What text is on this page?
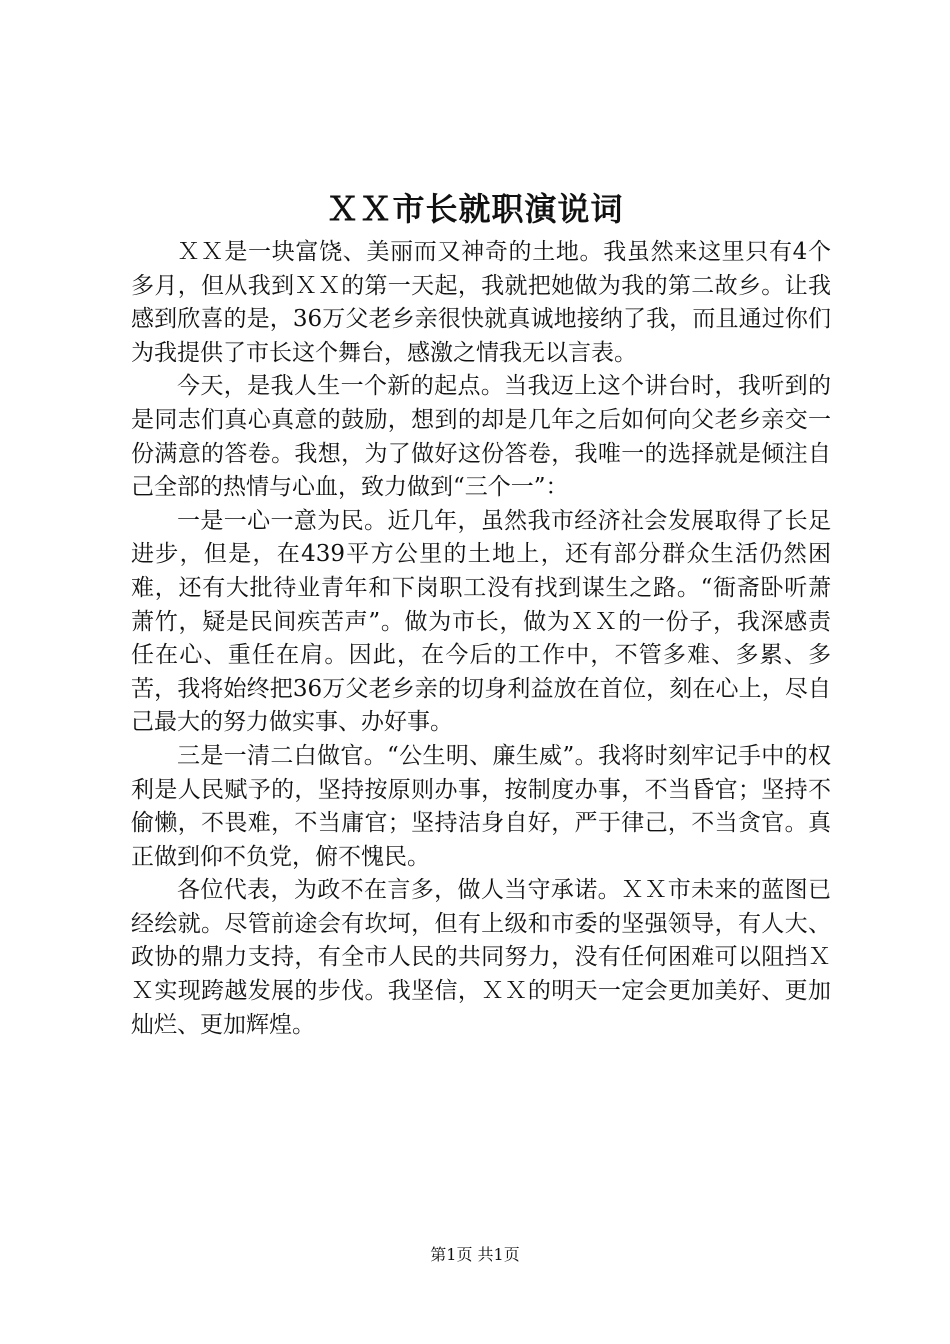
ＸＸ市长就职演说词

ＸＸ是一块富饶、美丽而又神奇的土地。我虽然来这里只有4个多月，但从我到ＸＸ的第一天起，我就把她做为我的第二故乡。让我感到欣喜的是，36万父老乡亲很快就真诚地接纳了我，而且通过你们为我提供了市长这个舞台，感激之情我无以言表。

今天，是我人生一个新的起点。当我迈上这个讲台时，我听到的是同志们真心真意的鼓励，想到的却是几年之后如何向父老乡亲交一份满意的答卷。我想，为了做好这份答卷，我唯一的选择就是倾注自己全部的热情与心血，致力做到“三个一”：

一是一心一意为民。近几年，虽然我市经济社会发展取得了长足进步，但是，在439平方公里的土地上，还有部分群众生活仍然困难，还有大批待业青年和下岗职工没有找到谋生之路。“衙斋卧听萧萧竹，疑是民间疾苦声”。做为市长，做为ＸＸ的一份子，我深感责任在心、重任在肩。因此，在今后的工作中，不管多难、多累、多苦，我将始终把36万父老乡亲的切身利益放在首位，刻在心上，尽自己最大的努力做实事、办好事。

三是一清二白做官。“公生明、廉生威”。我将时刻牢记手中的权利是人民赋予的，坚持按原则办事，按制度办事，不当昏官；坚持不偷懒，不畏难，不当庸官；坚持洁身自好，严于律己，不当贪官。真正做到仰不负党，俯不愧民。

各位代表，为政不在言多，做人当守承诺。ＸＸ市未来的蓝图已经绘就。尽管前途会有坎坷，但有上级和市委的坚强领导，有人大、政协的鼎力支持，有全市人民的共同努力，没有任何困难可以阻挡ＸＸ实现跨越发展的步伐。我坚信，ＸＸ的明天一定会更加美好、更加灿烂、更加辉煌。

第1页 共1页
